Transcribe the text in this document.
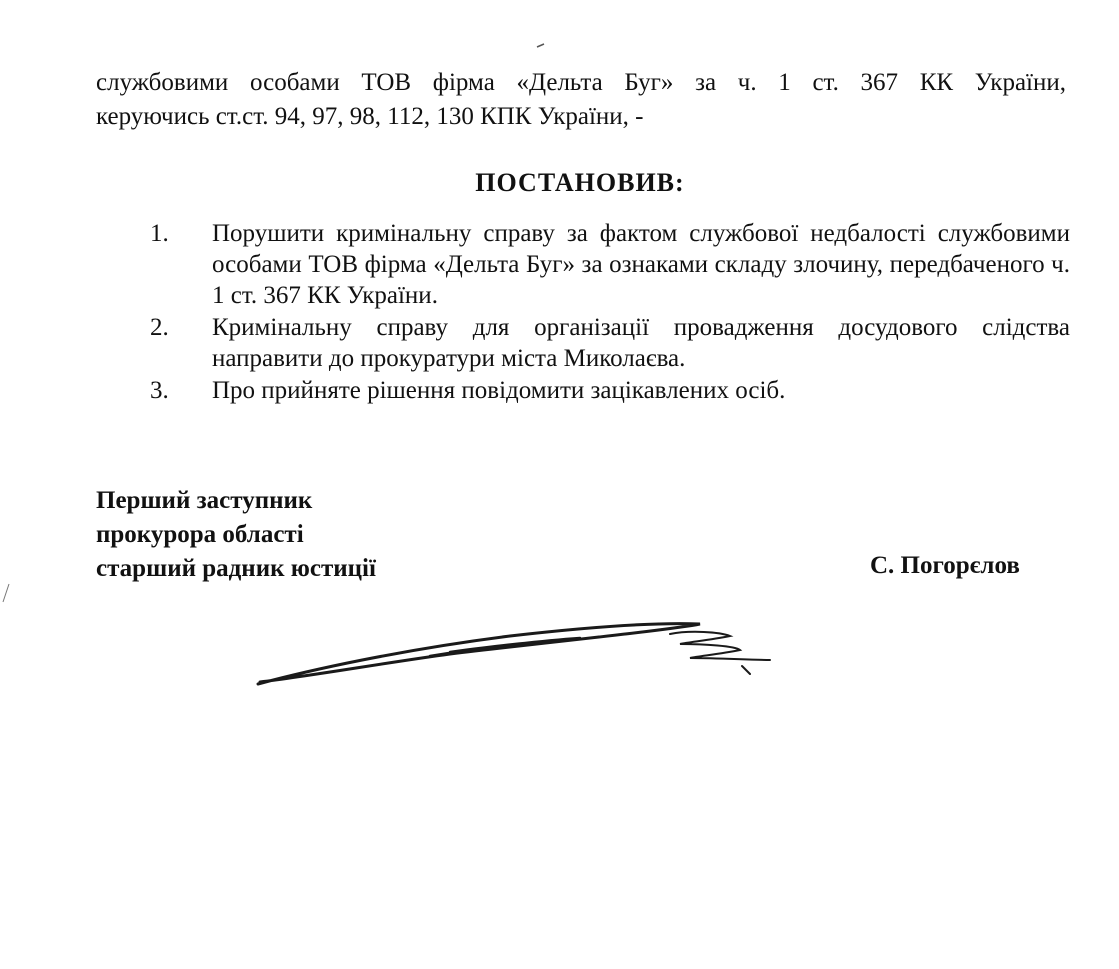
службовими особами ТОВ фірма «Дельта Буг» за ч. 1 ст. 367 КК України,
керуючись ст.ст. 94, 97, 98, 112, 130 КПК України, -
ПОСТАНОВИВ:
1. Порушити кримінальну справу за фактом службової недбалості службовими особами ТОВ фірма «Дельта Буг» за ознаками складу злочину, передбаченого ч. 1 ст. 367 КК України.
2. Кримінальну справу для організації провадження досудового слідства направити до прокуратури міста Миколаєва.
3. Про прийняте рішення повідомити зацікавлених осіб.
Перший заступник
прокурора області
старший радник юстиції	С. Погорєлов
